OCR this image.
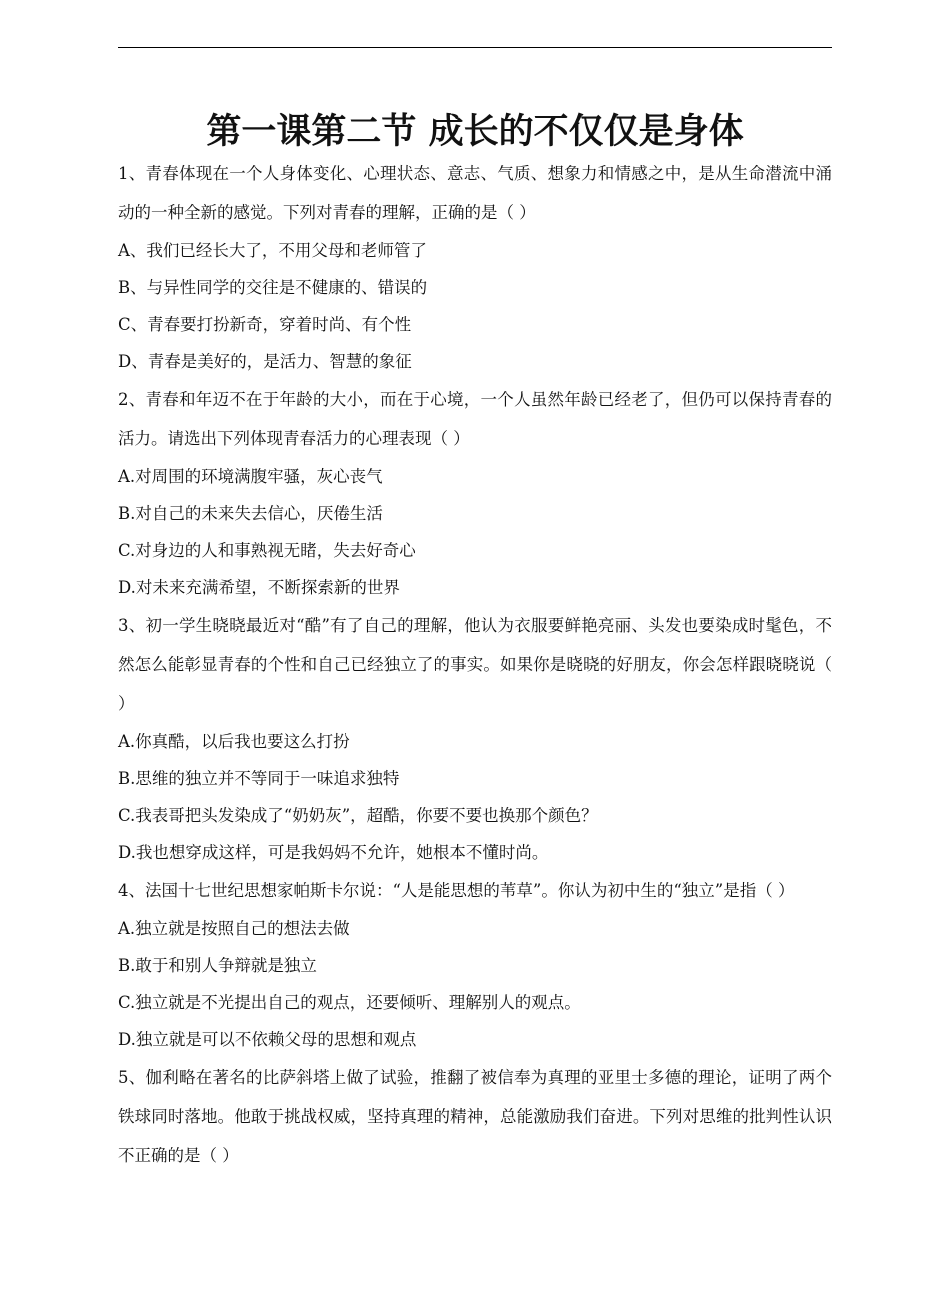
第一课第二节 成长的不仅仅是身体
1、青春体现在一个人身体变化、心理状态、意志、气质、想象力和情感之中，是从生命潜流中涌动的一种全新的感觉。下列对青春的理解，正确的是（ ）
A、我们已经长大了，不用父母和老师管了
B、与异性同学的交往是不健康的、错误的
C、青春要打扮新奇，穿着时尚、有个性
D、青春是美好的，是活力、智慧的象征
2、青春和年迈不在于年龄的大小，而在于心境，一个人虽然年龄已经老了，但仍可以保持青春的活力。请选出下列体现青春活力的心理表现（ ）
A.对周围的环境满腹牢骚，灰心丧气
B.对自己的未来失去信心，厌倦生活
C.对身边的人和事熟视无睹，失去好奇心
D.对未来充满希望，不断探索新的世界
3、初一学生晓晓最近对“酷”有了自己的理解，他认为衣服要鲜艳亮丽、头发也要染成时髦色，不然怎么能彰显青春的个性和自己已经独立了的事实。如果你是晓晓的好朋友，你会怎样跟晓晓说（ ）
A.你真酷，以后我也要这么打扮
B.思维的独立并不等同于一味追求独特
C.我表哥把头发染成了“奶奶灰”，超酷，你要不要也换那个颜色？
D.我也想穿成这样，可是我妈妈不允许，她根本不懂时尚。
4、法国十七世纪思想家帕斯卡尔说：“人是能思想的苇草”。你认为初中生的“独立”是指（ ）
A.独立就是按照自己的想法去做
B.敢于和别人争辩就是独立
C.独立就是不光提出自己的观点，还要倾听、理解别人的观点。
D.独立就是可以不依赖父母的思想和观点
5、伽利略在著名的比萨斜塔上做了试验，推翻了被信奉为真理的亚里士多德的理论，证明了两个铁球同时落地。他敢于挑战权威，坚持真理的精神，总能激励我们奋进。下列对思维的批判性认识不正确的是（ ）
